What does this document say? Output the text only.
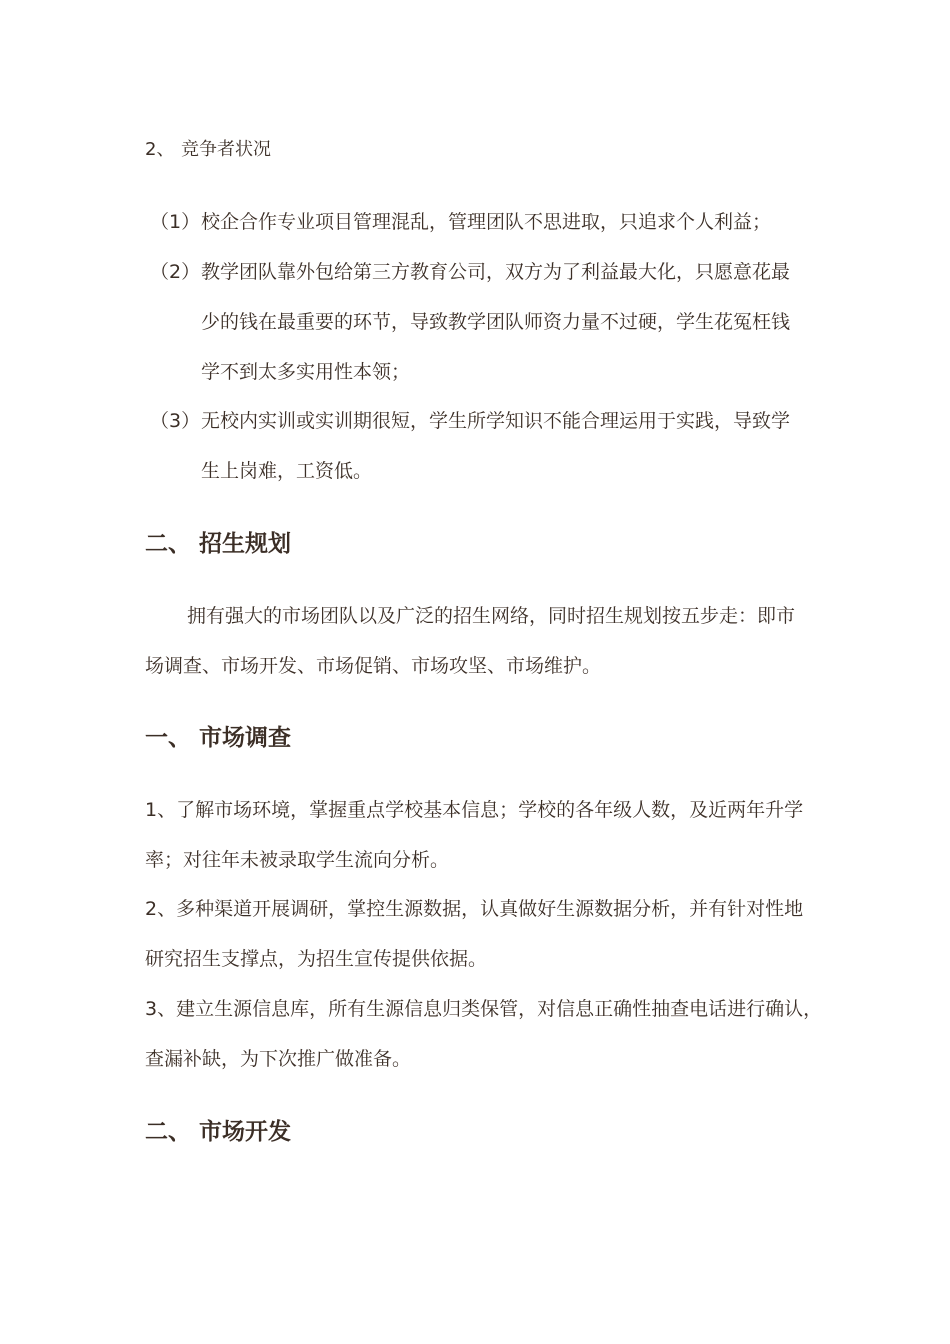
2、 竞争者状况
（1） 校企合作专业项目管理混乱，管理团队不思进取，只追求个人利益；
（2） 教学团队靠外包给第三方教育公司，双方为了利益最大化，只愿意花最
少的钱在最重要的环节，导致教学团队师资力量不过硬，学生花冤枉钱
学不到太多实用性本领；
（3） 无校内实训或实训期很短，学生所学知识不能合理运用于实践，导致学
生上岗难，工资低。
二、 招生规划
拥有强大的市场团队以及广泛的招生网络，同时招生规划按五步走：即市
场调查、市场开发、市场促销、市场攻坚、市场维护。
一、 市场调查
1、了解市场环境，掌握重点学校基本信息；学校的各年级人数，及近两年升学
率；对往年未被录取学生流向分析。
2、多种渠道开展调研，掌控生源数据，认真做好生源数据分析，并有针对性地
研究招生支撑点，为招生宣传提供依据。
3、建立生源信息库，所有生源信息归类保管，对信息正确性抽查电话进行确认，
查漏补缺，为下次推广做准备。
二、 市场开发
